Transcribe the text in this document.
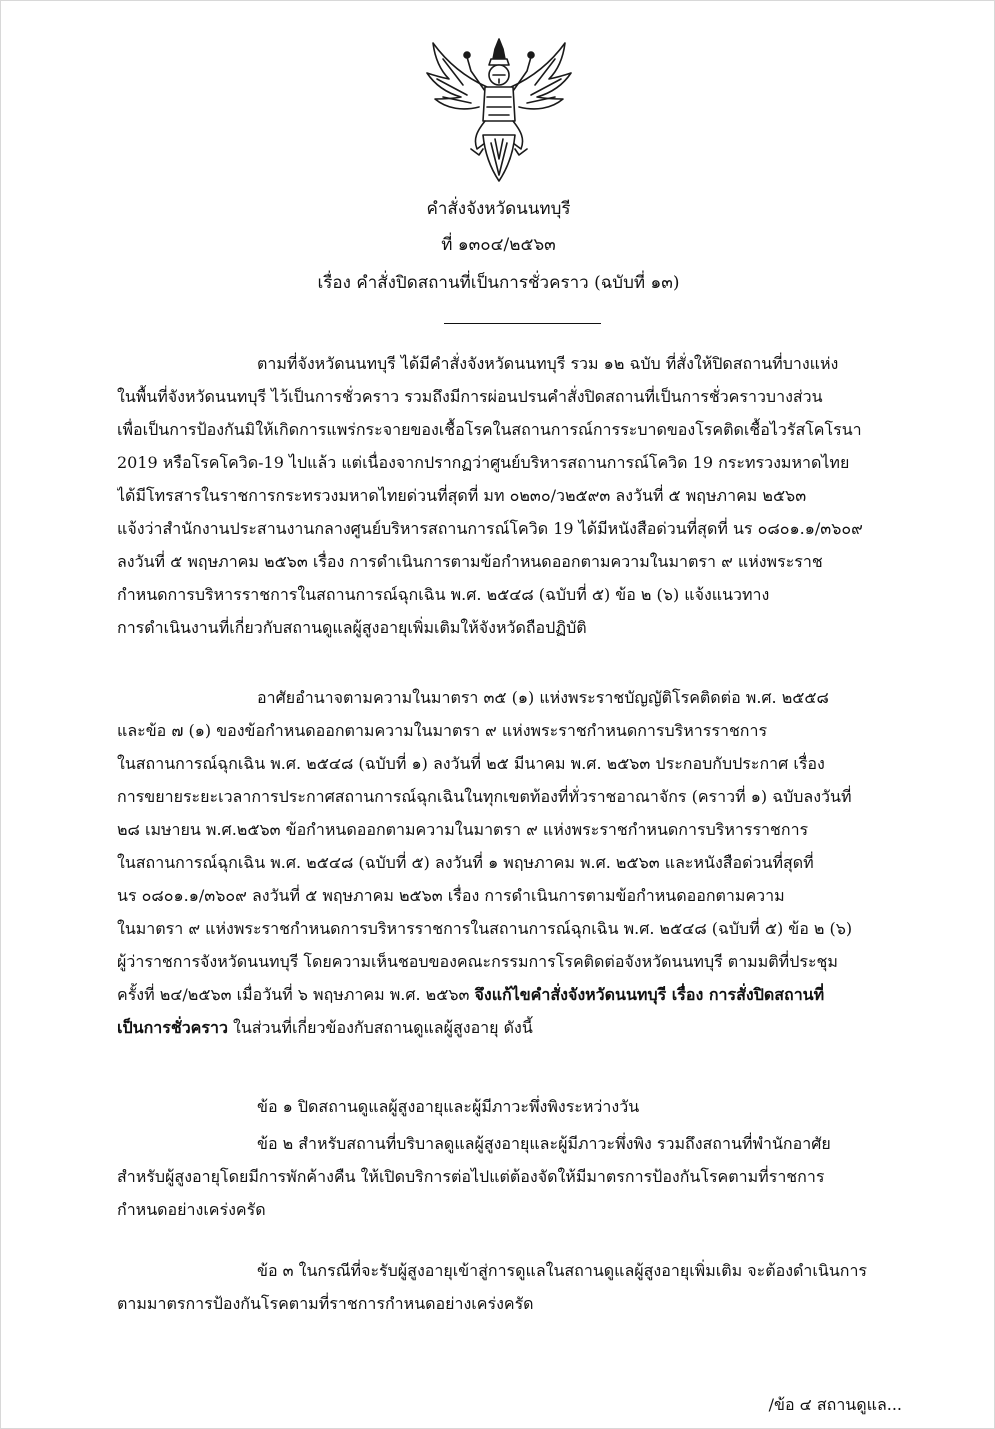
คำสั่งจังหวัดนนทบุรี
ที่ ๑๓๐๔/๒๕๖๓
เรื่อง คำสั่งปิดสถานที่เป็นการชั่วคราว (ฉบับที่ ๑๓)
ตามที่จังหวัดนนทบุรี ได้มีคำสั่งจังหวัดนนทบุรี รวม ๑๒ ฉบับ ที่สั่งให้ปิดสถานที่บางแห่ง
ในพื้นที่จังหวัดนนทบุรี ไว้เป็นการชั่วคราว รวมถึงมีการผ่อนปรนคำสั่งปิดสถานที่เป็นการชั่วคราวบางส่วน
เพื่อเป็นการป้องกันมิให้เกิดการแพร่กระจายของเชื้อโรคในสถานการณ์การระบาดของโรคติดเชื้อไวรัสโคโรนา
2019 หรือโรคโควิด-19 ไปแล้ว แต่เนื่องจากปรากฏว่าศูนย์บริหารสถานการณ์โควิด 19 กระทรวงมหาดไทย
ได้มีโทรสารในราชการกระทรวงมหาดไทยด่วนที่สุดที่ มท ๐๒๓๐/ว๒๕๙๓ ลงวันที่ ๕ พฤษภาคม ๒๕๖๓
แจ้งว่าสำนักงานประสานงานกลางศูนย์บริหารสถานการณ์โควิด 19 ได้มีหนังสือด่วนที่สุดที่ นร ๐๘๐๑.๑/๓๖๐๙
ลงวันที่ ๕ พฤษภาคม ๒๕๖๓ เรื่อง การดำเนินการตามข้อกำหนดออกตามความในมาตรา ๙ แห่งพระราช
กำหนดการบริหารราชการในสถานการณ์ฉุกเฉิน พ.ศ. ๒๕๔๘ (ฉบับที่ ๕) ข้อ ๒ (๖) แจ้งแนวทาง
การดำเนินงานที่เกี่ยวกับสถานดูแลผู้สูงอายุเพิ่มเติมให้จังหวัดถือปฏิบัติ
อาศัยอำนาจตามความในมาตรา ๓๕ (๑) แห่งพระราชบัญญัติโรคติดต่อ พ.ศ. ๒๕๕๘
และข้อ ๗ (๑) ของข้อกำหนดออกตามความในมาตรา ๙ แห่งพระราชกำหนดการบริหารราชการ
ในสถานการณ์ฉุกเฉิน พ.ศ. ๒๕๔๘ (ฉบับที่ ๑) ลงวันที่ ๒๕ มีนาคม พ.ศ. ๒๕๖๓ ประกอบกับประกาศ เรื่อง
การขยายระยะเวลาการประกาศสถานการณ์ฉุกเฉินในทุกเขตท้องที่ทั่วราชอาณาจักร (คราวที่ ๑) ฉบับลงวันที่
๒๘ เมษายน พ.ศ.๒๕๖๓ ข้อกำหนดออกตามความในมาตรา ๙ แห่งพระราชกำหนดการบริหารราชการ
ในสถานการณ์ฉุกเฉิน พ.ศ. ๒๕๔๘ (ฉบับที่ ๕) ลงวันที่ ๑ พฤษภาคม พ.ศ. ๒๕๖๓ และหนังสือด่วนที่สุดที่
นร ๐๘๐๑.๑/๓๖๐๙ ลงวันที่ ๕ พฤษภาคม ๒๕๖๓ เรื่อง การดำเนินการตามข้อกำหนดออกตามความ
ในมาตรา ๙ แห่งพระราชกำหนดการบริหารราชการในสถานการณ์ฉุกเฉิน พ.ศ. ๒๕๔๘ (ฉบับที่ ๕) ข้อ ๒ (๖)
ผู้ว่าราชการจังหวัดนนทบุรี โดยความเห็นชอบของคณะกรรมการโรคติดต่อจังหวัดนนทบุรี ตามมติที่ประชุม
ครั้งที่ ๒๔/๒๕๖๓ เมื่อวันที่ ๖ พฤษภาคม พ.ศ. ๒๕๖๓ จึงแก้ไขคำสั่งจังหวัดนนทบุรี เรื่อง การสั่งปิดสถานที่
เป็นการชั่วคราว ในส่วนที่เกี่ยวข้องกับสถานดูแลผู้สูงอายุ ดังนี้
ข้อ ๑ ปิดสถานดูแลผู้สูงอายุและผู้มีภาวะพึ่งพิงระหว่างวัน
ข้อ ๒ สำหรับสถานที่บริบาลดูแลผู้สูงอายุและผู้มีภาวะพึ่งพิง รวมถึงสถานที่พำนักอาศัย
สำหรับผู้สูงอายุโดยมีการพักค้างคืน ให้เปิดบริการต่อไปแต่ต้องจัดให้มีมาตรการป้องกันโรคตามที่ราชการ
กำหนดอย่างเคร่งครัด
ข้อ ๓ ในกรณีที่จะรับผู้สูงอายุเข้าสู่การดูแลในสถานดูแลผู้สูงอายุเพิ่มเติม จะต้องดำเนินการ
ตามมาตรการป้องกันโรคตามที่ราชการกำหนดอย่างเคร่งครัด
/ข้อ ๔ สถานดูแล...
